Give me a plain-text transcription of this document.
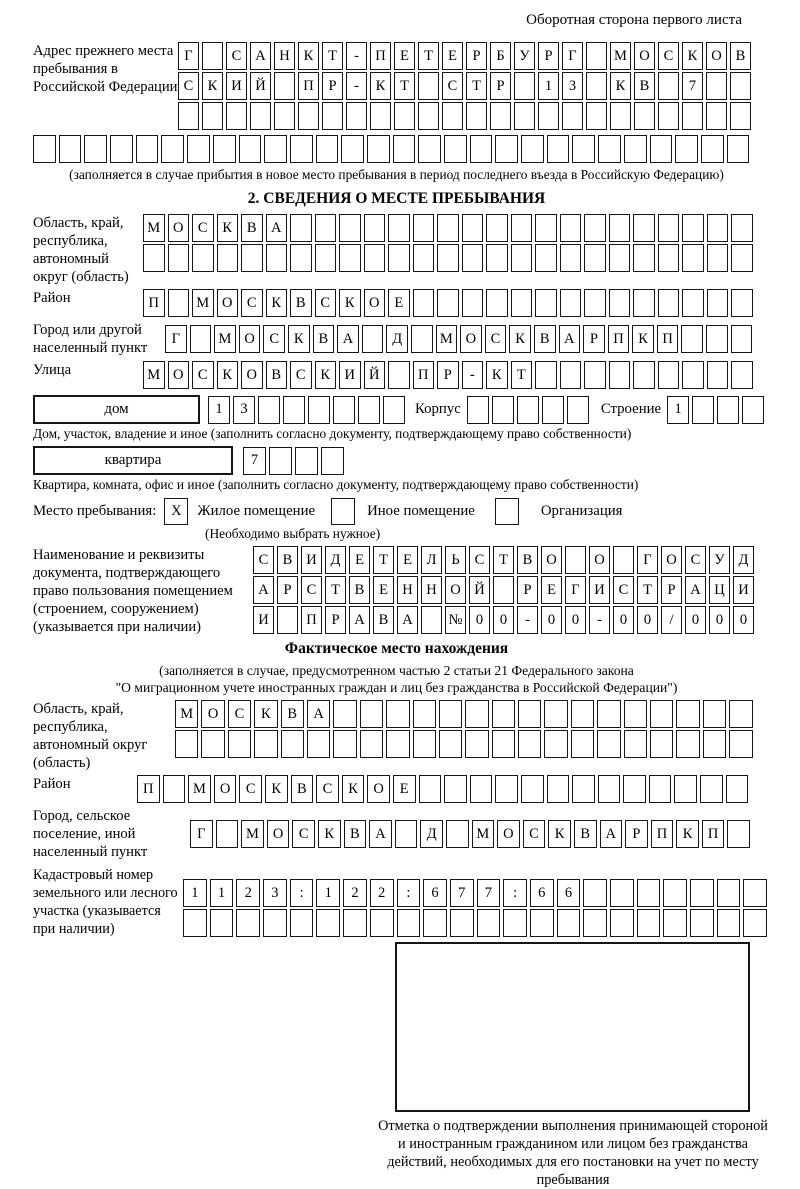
Оборотная сторона первого листа
Адрес прежнего места пребывания в Российской Федерации
Г	С А Н К	Т	-	П Е	Т	Е	Р	Б	У	Р	Г	М О С К О В
С К И Й	П	Р	-	К	Т	С	Т	Р	1	3	К В	7
(заполняется в случае прибытия в новое место пребывания в период последнего въезда в Российскую Федерацию)
2. СВЕДЕНИЯ О МЕСТЕ ПРЕБЫВАНИЯ
Область, край, республика, автономный округ (область)
М О С	К	В А
Район	П	М О С	К	В	С	К О	Е
Город или другой населенный пункт
Г	М О	С	К	В	А	Д	М О	С	К	В	А	Р	П	К	П
Улица	М О С	К О В	С	К И Й	П	Р	-	К	Т
дом	1	3	Корпус	Строение 1
Дом, участок, владение и иное (заполнить согласно документу, подтверждающему право собственности)
квартира	7
Квартира, комната, офис и иное (заполнить согласно документу, подтверждающему право собственности)
Место пребывания:	X	Жилое помещение	Иное помещение	Организация
(Необходимо выбрать нужное)
Наименование и реквизиты документа, подтверждающего право пользования помещением (строением, сооружением) (указывается при наличии)
С В И Д	Е	Т	Е	Л	Ь	С	Т	В О	О	Г	О С У Д
А	Р	С	Т	В	Е Н Н О Й	Р	Е	Г	И С	Т	Р	А Ц И
И	П	Р	А В А	№ 0	0	-	0	0	-	0	0	/	0	0	0
Фактическое место нахождения
(заполняется в случае, предусмотренном частью 2 статьи 21 Федерального закона
"О миграционном учете иностранных граждан и лиц без гражданства в Российской Федерации")
Область, край, республика, автономный округ (область)
М	О	С	К	В	А
Район	П	М О	С	К	В	С	К	О	Е
Город, сельское поселение, иной населенный пункт
Г	М О	С	К	В	А	Д	М О	С	К	В	А	Р	П	К	П
Кадастровый номер земельного или лесного участка (указывается при наличии)
1	1	2	3	:	1	2	2	:	6	7	7	:	6	6
Отметка о подтверждении выполнения принимающей стороной и иностранным гражданином или лицом без гражданства действий, необходимых для его постановки на учет по месту пребывания
